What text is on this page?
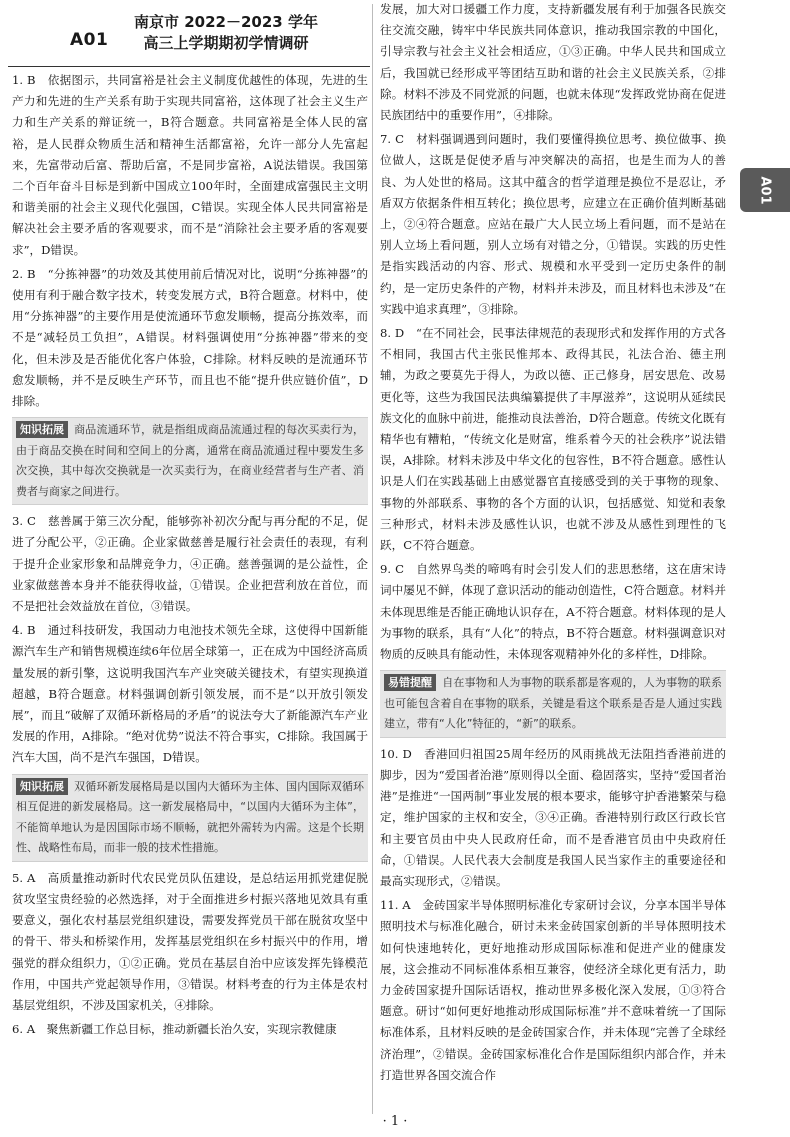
A01
南京市 2022－2023 学年
高三上学期期初学情调研

1. B　依据图示，共同富裕是社会主义制度优越性的体现，先进的生产力和先进的生产关系有助于实现共同富裕，这体现了社会主义生产力和生产关系的辩证统一，B符合题意。共同富裕是全体人民的富裕，是人民群众物质生活和精神生活都富裕，允许一部分人先富起来，先富带动后富、帮助后富，不是同步富裕，A说法错误。我国第二个百年奋斗目标是到新中国成立100年时，全面建成富强民主文明和谐美丽的社会主义现代化强国，C错误。实现全体人民共同富裕是解决社会主要矛盾的客观要求，而不是“消除社会主要矛盾的客观要求”，D错误。

2. B　“分拣神器”的功效及其使用前后情况对比，说明“分拣神器”的使用有利于融合数字技术，转变发展方式，B符合题意。材料中，使用“分拣神器”的主要作用是使流通环节愈发顺畅，提高分拣效率，而不是“减轻员工负担”，A错误。材料强调使用“分拣神器”带来的变化，但未涉及是否能优化客户体验，C排除。材料反映的是流通环节愈发顺畅，并不是反映生产环节，而且也不能“提升供应链价值”，D排除。

知识拓展 商品流通环节，就是指组成商品流通过程的每次买卖行为，由于商品交换在时间和空间上的分离，通常在商品流通过程中要发生多次交换，其中每次交换就是一次买卖行为，在商业经营者与生产者、消费者与商家之间进行。

3. C　慈善属于第三次分配，能够弥补初次分配与再分配的不足，促进了分配公平，②正确。企业家做慈善是履行社会责任的表现，有利于提升企业家形象和品牌竞争力，④正确。慈善强调的是公益性，企业家做慈善本身并不能获得收益，①错误。企业把营利放在首位，而不是把社会效益放在首位，③错误。

4. B　通过科技研发，我国动力电池技术领先全球，这使得中国新能源汽车生产和销售规模连续6年位居全球第一，正在成为中国经济高质量发展的新引擎，这说明我国汽车产业突破关键技术，有望实现换道超越，B符合题意。材料强调创新引领发展，而不是“以开放引领发展”，而且“破解了双循环新格局的矛盾”的说法夸大了新能源汽车产业发展的作用，A排除。“绝对优势”说法不符合事实，C排除。我国属于汽车大国，尚不是汽车强国，D错误。

知识拓展 双循环新发展格局是以国内大循环为主体、国内国际双循环相互促进的新发展格局。这一新发展格局中，“以国内大循环为主体”，不能简单地认为是因国际市场不顺畅，就把外需转为内需。这是个长期性、战略性布局，而非一般的技术性措施。

5. A　高质量推动新时代农民党员队伍建设，是总结运用抓党建促脱贫攻坚宝贵经验的必然选择，对于全面推进乡村振兴落地见效具有重要意义，强化农村基层党组织建设，需要发挥党员干部在脱贫攻坚中的骨干、带头和桥梁作用，发挥基层党组织在乡村振兴中的作用，增强党的群众组织力，①②正确。党员在基层自治中应该发挥先锋模范作用，中国共产党起领导作用，③错误。材料考查的行为主体是农村基层党组织，不涉及国家机关，④排除。

6. A　聚焦新疆工作总目标，推动新疆长治久安，实现宗教健康

发展，加大对口援疆工作力度，支持新疆发展有利于加强各民族交往交流交融，铸牢中华民族共同体意识，推动我国宗教的中国化，引导宗教与社会主义社会相适应，①③正确。中华人民共和国成立后，我国就已经形成平等团结互助和谐的社会主义民族关系，②排除。材料不涉及不同党派的问题，也就未体现“发挥政党协商在促进民族团结中的重要作用”，④排除。

7. C　材料强调遇到问题时，我们要懂得换位思考、换位做事、换位做人，这既是促使矛盾与冲突解决的高招，也是生而为人的善良、为人处世的格局。这其中蕴含的哲学道理是换位不是忍让，矛盾双方依据条件相互转化；换位思考，应建立在正确价值判断基础上，②④符合题意。应站在最广大人民立场上看问题，而不是站在别人立场上看问题，别人立场有对错之分，①错误。实践的历史性是指实践活动的内容、形式、规模和水平受到一定历史条件的制约，是一定历史条件的产物，材料并未涉及，而且材料也未涉及“在实践中追求真理”，③排除。

8. D　“在不同社会，民事法律规范的表现形式和发挥作用的方式各不相同，我国古代主张民惟邦本、政得其民，礼法合治、德主刑辅，为政之要莫先于得人，为政以德、正己修身，居安思危、改易更化等，这些为我国民法典编纂提供了丰厚滋养”，这说明从延续民族文化的血脉中前进，能推动良法善治，D符合题意。传统文化既有精华也有糟粕，“传统文化是财富，维系着今天的社会秩序”说法错误，A排除。材料未涉及中华文化的包容性，B不符合题意。感性认识是人们在实践基础上由感觉器官直接感受到的关于事物的现象、事物的外部联系、事物的各个方面的认识，包括感觉、知觉和表象三种形式，材料未涉及感性认识，也就不涉及从感性到理性的飞跃，C不符合题意。

9. C　自然界鸟类的啼鸣有时会引发人们的悲思愁绪，这在唐宋诗词中屡见不鲜，体现了意识活动的能动创造性，C符合题意。材料并未体现思维是否能正确地认识存在，A不符合题意。材料体现的是人为事物的联系，具有“人化”的特点，B不符合题意。材料强调意识对物质的反映具有能动性，未体现客观精神外化的多样性，D排除。

易错提醒 自在事物和人为事物的联系都是客观的，人为事物的联系也可能包含着自在事物的联系，关键是看这个联系是否是人通过实践建立，带有“人化”特征的，“新”的联系。

10. D　香港回归祖国25周年经历的风雨挑战无法阻挡香港前进的脚步，因为“爱国者治港”原则得以全面、稳固落实，坚持“爱国者治港”是推进“一国两制”事业发展的根本要求，能够守护香港繁荣与稳定，维护国家的主权和安全，③④正确。香港特别行政区行政长官和主要官员由中央人民政府任命，而不是香港官员由中央政府任命，①错误。人民代表大会制度是我国人民当家作主的重要途径和最高实现形式，②错误。

11. A　金砖国家半导体照明标准化专家研讨会议，分享本国半导体照明技术与标准化融合，研讨未来金砖国家创新的半导体照明技术如何快速地转化，更好地推动形成国际标准和促进产业的健康发展，这会推动不同标准体系相互兼容，使经济全球化更有活力，助力金砖国家提升国际话语权，推动世界多极化深入发展，①③符合题意。研讨“如何更好地推动形成国际标准”并不意味着统一了国际标准体系，且材料反映的是金砖国家合作，并未体现“完善了全球经济治理”，②错误。金砖国家标准化合作是国际组织内部合作，并未打造世界各国交流合作

A01
· 1 ·
